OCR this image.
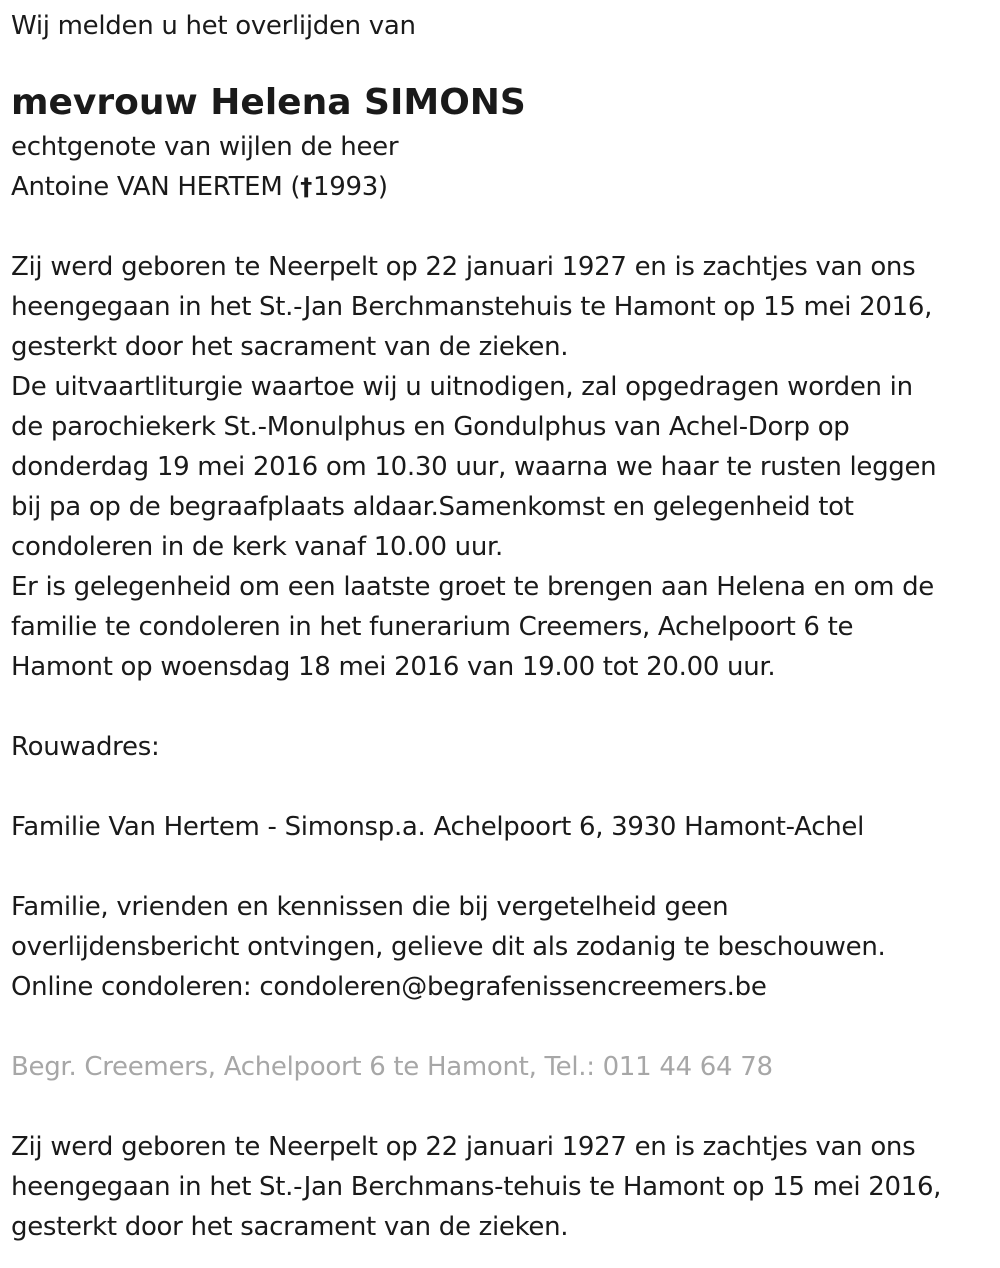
Wij melden u het overlijden van

mevrouw Helena SIMONS

echtgenote van wijlen de heer

Antoine VAN HERTEM (†1993)

Zij werd geboren te Neerpelt op 22 januari 1927 en is zachtjes van ons

heengegaan in het St.-Jan Berchmanstehuis te Hamont op 15 mei 2016,

gesterkt door het sacrament van de zieken.

De uitvaartliturgie waartoe wij u uitnodigen, zal opgedragen worden in

de parochiekerk St.-Monulphus en Gondulphus van Achel-Dorp op

donderdag 19 mei 2016 om 10.30 uur, waarna we haar te rusten leggen

bij pa op de begraafplaats aldaar.Samenkomst en gelegenheid tot

condoleren in de kerk vanaf 10.00 uur.

Er is gelegenheid om een laatste groet te brengen aan Helena en om de

familie te condoleren in het funerarium Creemers, Achelpoort 6 te

Hamont op woensdag 18 mei 2016 van 19.00 tot 20.00 uur.

Rouwadres:

Familie Van Hertem - Simonsp.a. Achelpoort 6, 3930 Hamont-Achel

Familie, vrienden en kennissen die bij vergetelheid geen

overlijdensbericht ontvingen, gelieve dit als zodanig te beschouwen.

Online condoleren: condoleren@begrafenissencreemers.be

Begr. Creemers, Achelpoort 6 te Hamont, Tel.: 011 44 64 78

Zij werd geboren te Neerpelt op 22 januari 1927 en is zachtjes van ons

heengegaan in het St.-Jan Berchmans-tehuis te Hamont op 15 mei 2016,

gesterkt door het sacrament van de zieken.
